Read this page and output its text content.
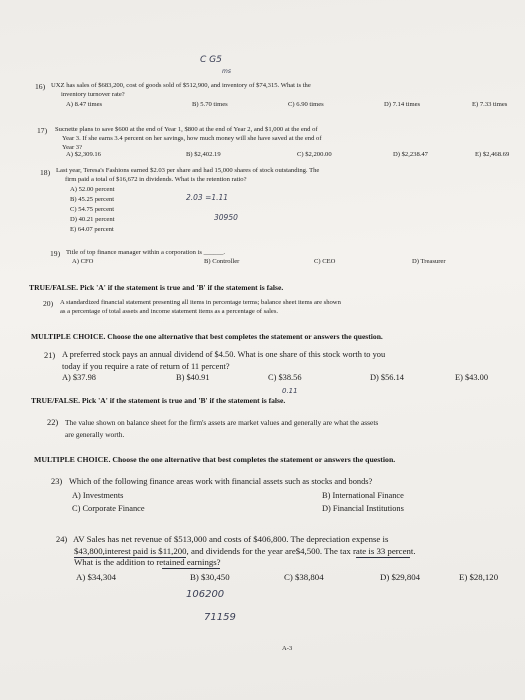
C G5
ms
16) UXZ has sales of $683,200, cost of goods sold of $512,900, and inventory of $74,315. What is the
inventory turnover rate?
A) 8.47 times	B) 5.70 times	C) 6.90 times	D) 7.14 times	E) 7.33 times
17) Sucnette plans to save $600 at the end of Year 1, $800 at the end of Year 2, and $1,000 at the end of
Year 3. If she earns 3.4 percent on her savings, how much money will she have saved at the end of
Year 3?
A) $2,309.16	B) $2,402.19	C) $2,200.00	D) $2,238.47	E) $2,468.69
18) Last year, Teresa's Fashions earned $2.03 per share and had 15,000 shares of stock outstanding. The
firm paid a total of $16,672 in dividends. What is the retention ratio?
A) 52.00 percent
B) 45.25 percent
C) 54.75 percent
D) 40.21 percent
E) 64.07 percent
2.03 =1.11
30950
19) Title of top finance manager within a corporation is ______.
A) CFO	B) Controller	C) CEO	D) Treasurer
TRUE/FALSE. Pick 'A' if the statement is true and 'B' if the statement is false.
20) A standardized financial statement presenting all items in percentage terms; balance sheet items are shown
as a percentage of total assets and income statement items as a percentage of sales.
MULTIPLE CHOICE. Choose the one alternative that best completes the statement or answers the question.
21) A preferred stock pays an annual dividend of $4.50. What is one share of this stock worth to you
today if you require a rate of return of 11 percent?
A) $37.98	B) $40.91	C) $38.56	D) $56.14	E) $43.00
0.11
TRUE/FALSE. Pick 'A' if the statement is true and 'B' if the statement is false.
22) The value shown on balance sheet for the firm's assets are market values and generally are what the assets
are generally worth.
MULTIPLE CHOICE. Choose the one alternative that best completes the statement or answers the question.
23) Which of the following finance areas work with financial assets such as stocks and bonds?
A) Investments	B) International Finance
C) Corporate Finance	D) Financial Institutions
24) AV Sales has net revenue of $513,000 and costs of $406,800. The depreciation expense is
$43,800,interest paid is $11,200, and dividends for the year are$4,500. The tax rate is 33 percent.
What is the addition to retained earnings?
A) $34,304	B) $30,450	C) $38,804	D) $29,804	E) $28,120
106200
71159
A-3
